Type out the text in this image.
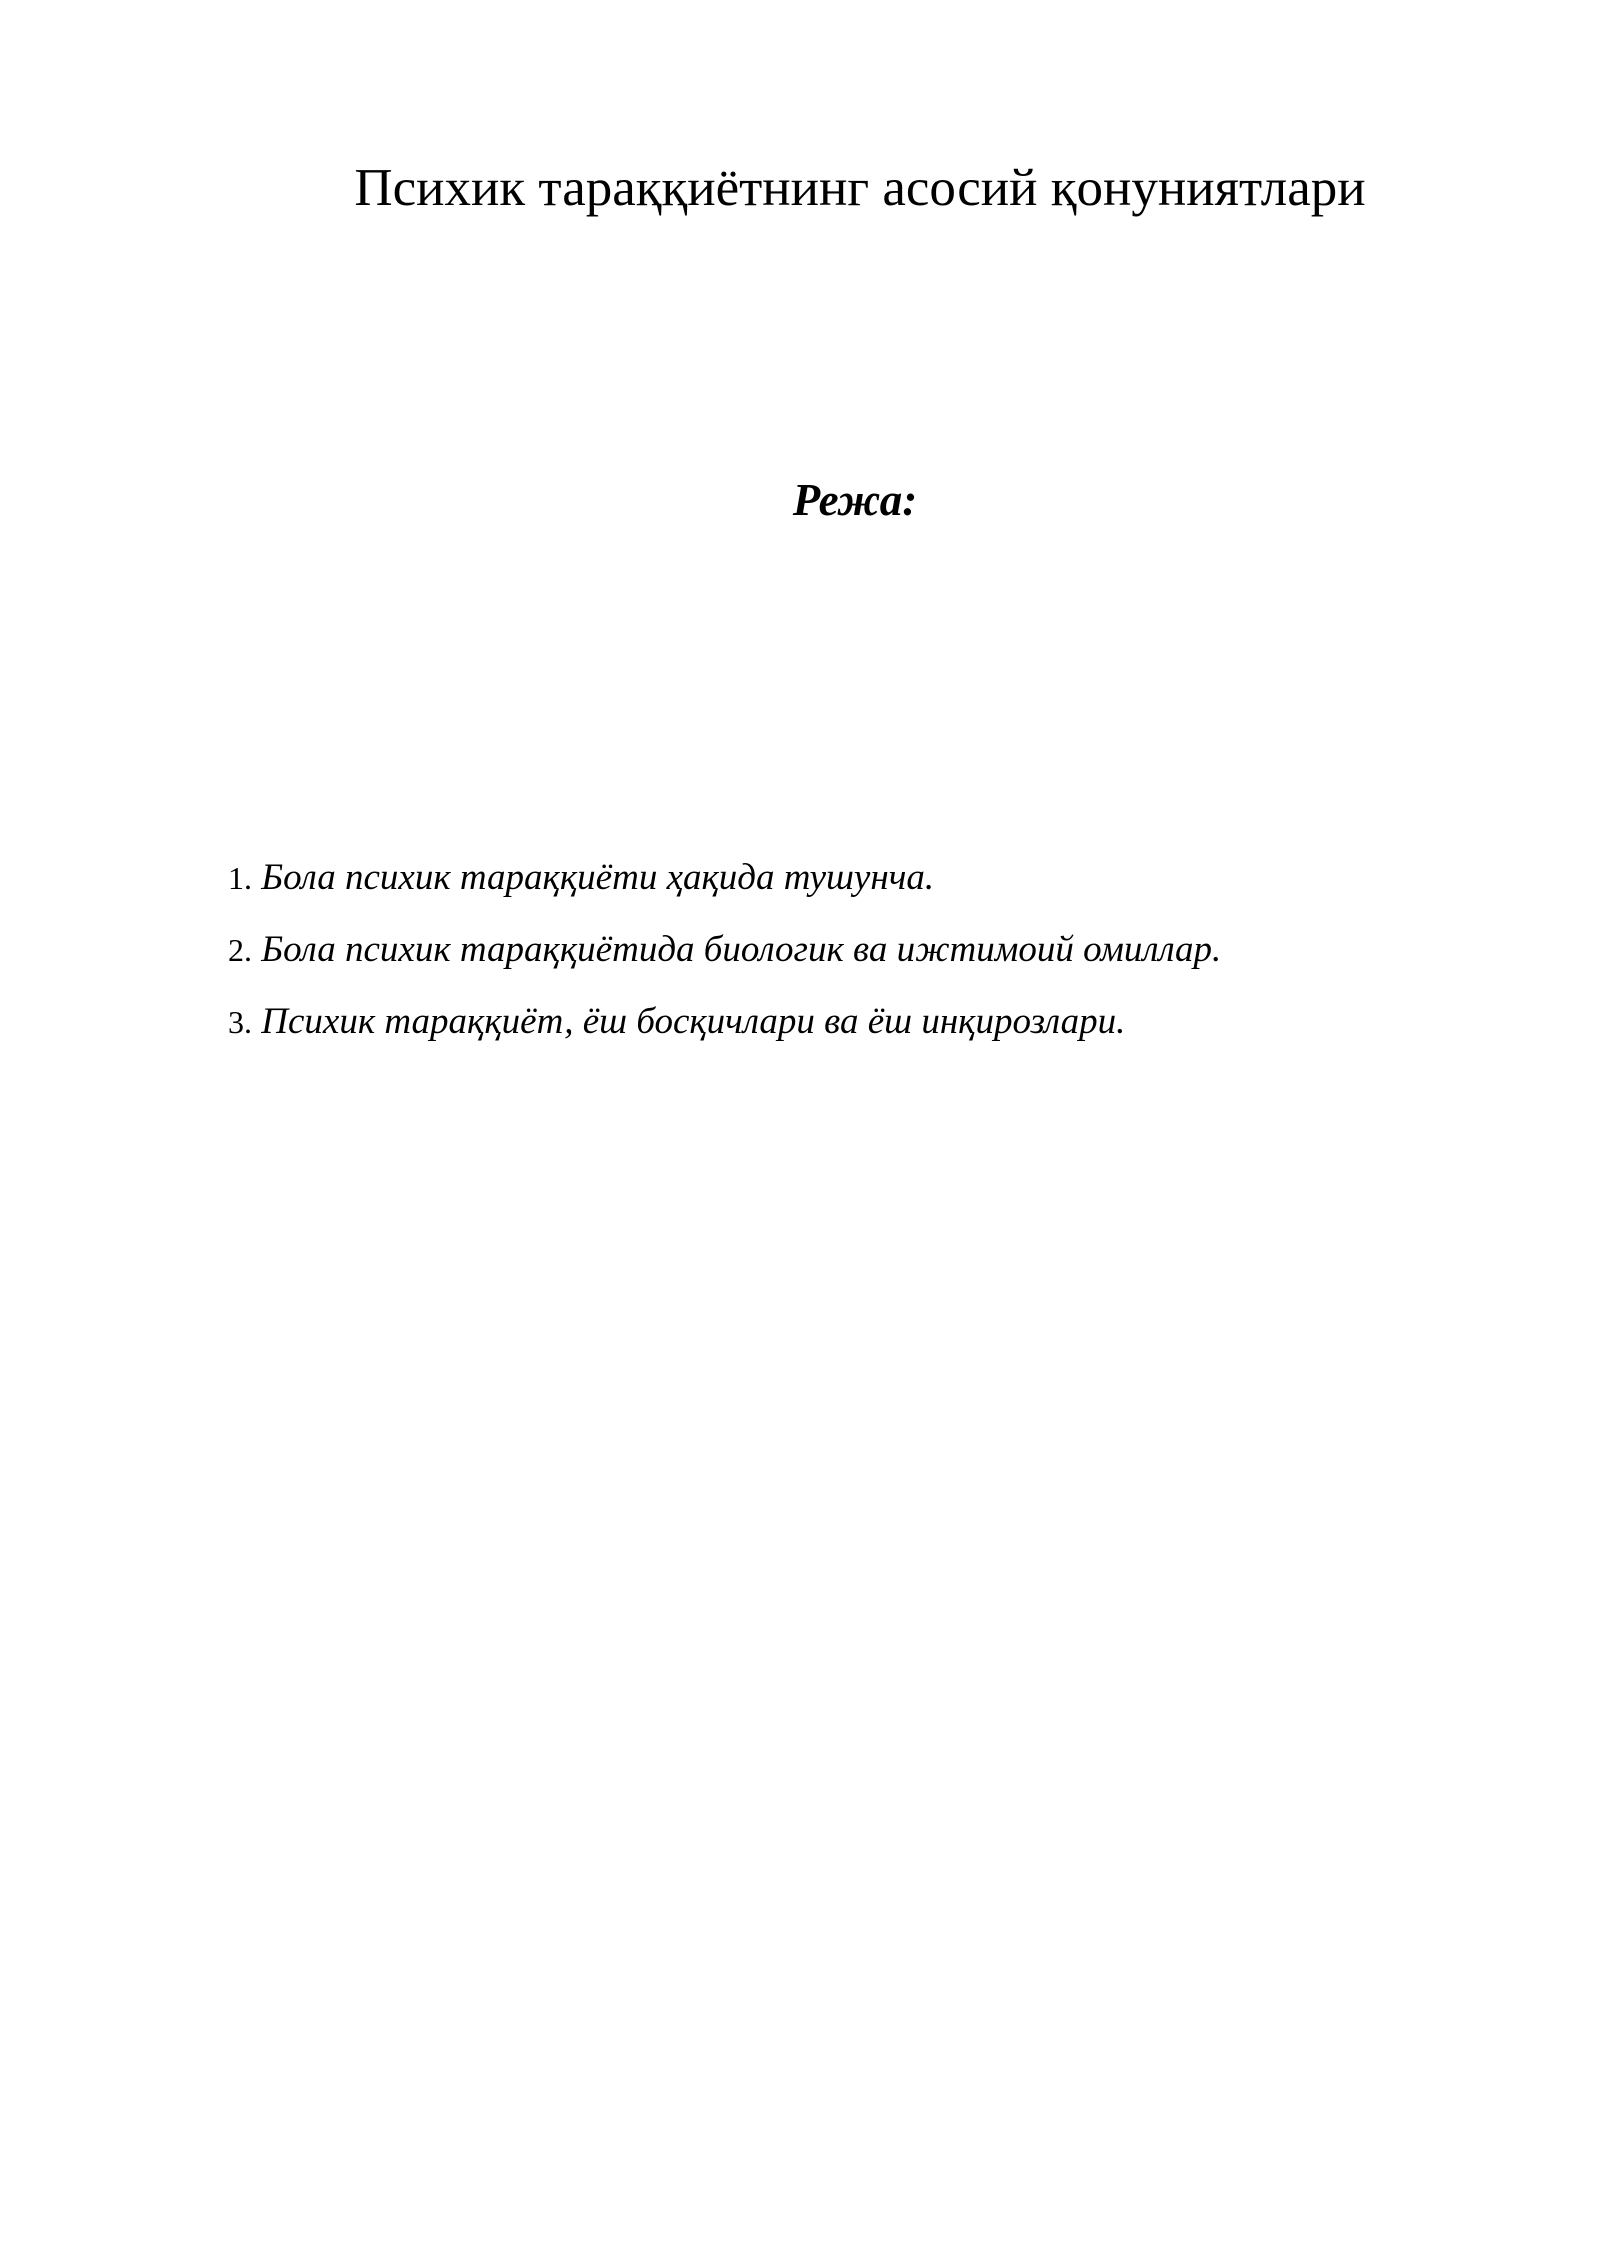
Психик тараққиётнинг асосий қонуниятлари
Режа:
1. Бола психик тараққиёти ҳақида тушунча.
2. Бола психик тараққиётида биологик ва ижтимоий омиллар.
3. Психик тараққиёт, ёш босқичлари ва ёш инқирозлари.
